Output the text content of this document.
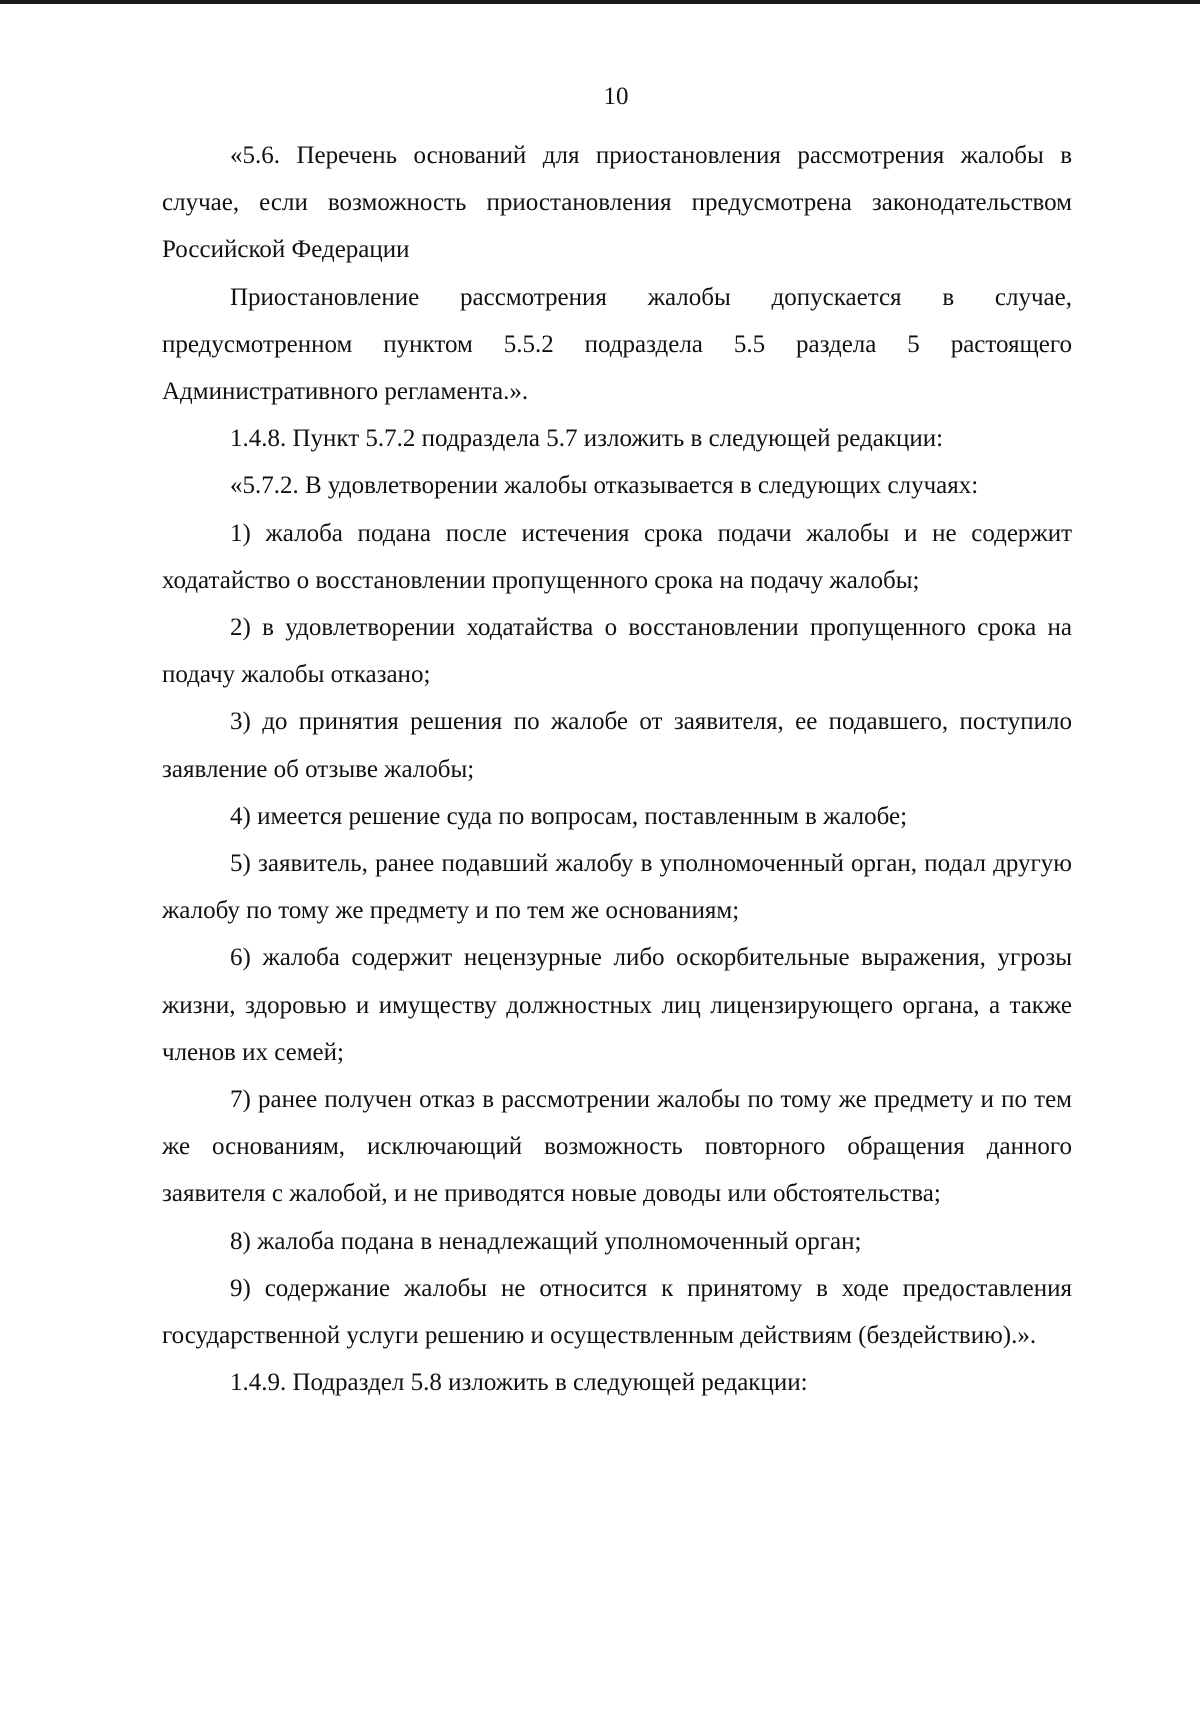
10

«5.6. Перечень оснований для приостановления рассмотрения жалобы в случае, если возможность приостановления предусмотрена законодательством Российской Федерации

Приостановление рассмотрения жалобы допускается в случае, предусмотренном пунктом 5.5.2 подраздела 5.5 раздела 5 растоящего Административного регламента.».

1.4.8. Пункт 5.7.2 подраздела 5.7 изложить в следующей редакции:

«5.7.2. В удовлетворении жалобы отказывается в следующих случаях:

1) жалоба подана после истечения срока подачи жалобы и не содержит ходатайство о восстановлении пропущенного срока на подачу жалобы;

2) в удовлетворении ходатайства о восстановлении пропущенного срока на подачу жалобы отказано;

3) до принятия решения по жалобе от заявителя, ее подавшего, поступило заявление об отзыве жалобы;

4) имеется решение суда по вопросам, поставленным в жалобе;

5) заявитель, ранее подавший жалобу в уполномоченный орган, подал другую жалобу по тому же предмету и по тем же основаниям;

6) жалоба содержит нецензурные либо оскорбительные выражения, угрозы жизни, здоровью и имуществу должностных лиц лицензирующего органа, а также членов их семей;

7) ранее получен отказ в рассмотрении жалобы по тому же предмету и по тем же основаниям, исключающий возможность повторного обращения данного заявителя с жалобой, и не приводятся новые доводы или обстоятельства;

8) жалоба подана в ненадлежащий уполномоченный орган;

9) содержание жалобы не относится к принятому в ходе предоставления государственной услуги решению и осуществленным действиям (бездействию).».

1.4.9. Подраздел 5.8 изложить в следующей редакции:
